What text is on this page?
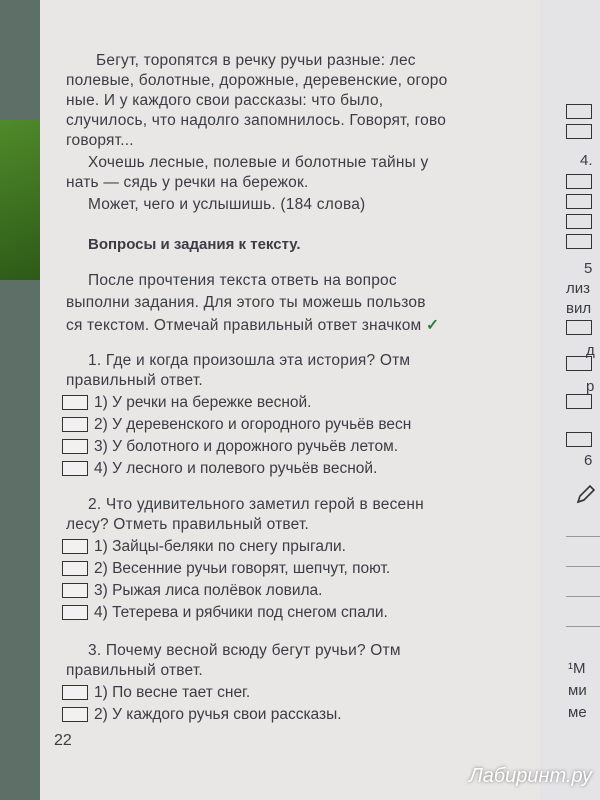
Бегут, торопятся в речку ручьи разные: лес
полевые, болотные, дорожные, деревенские, огоро
ные. И у каждого свои рассказы: что было,
случилось, что надолго запомнилось. Говорят, гово
говорят...
Хочешь лесные, полевые и болотные тайны у
нать — сядь у речки на бережок.
Может, чего и услышишь. (184 слова)
Вопросы и задания к тексту.
После прочтения текста ответь на вопрос
выполни задания. Для этого ты можешь пользов
ся текстом. Отмечай правильный ответ значком ✓
1. Где и когда произошла эта история? Отм
правильный ответ.
1) У речки на бережке весной.
2) У деревенского и огородного ручьёв весн
3) У болотного и дорожного ручьёв летом.
4) У лесного и полевого ручьёв весной.
2. Что удивительного заметил герой в весенн
лесу? Отметь правильный ответ.
1) Зайцы-беляки по снегу прыгали.
2) Весенние ручьи говорят, шепчут, поют.
3) Рыжая лиса полёвок ловила.
4) Тетерева и рябчики под снегом спали.
3. Почему весной всюду бегут ручьи? Отм
правильный ответ.
1) По весне тает снег.
2) У каждого ручья свои рассказы.
22
4.
5
лиз
вил
д
р
6
¹М
ми
ме
Лабиринт.ру
